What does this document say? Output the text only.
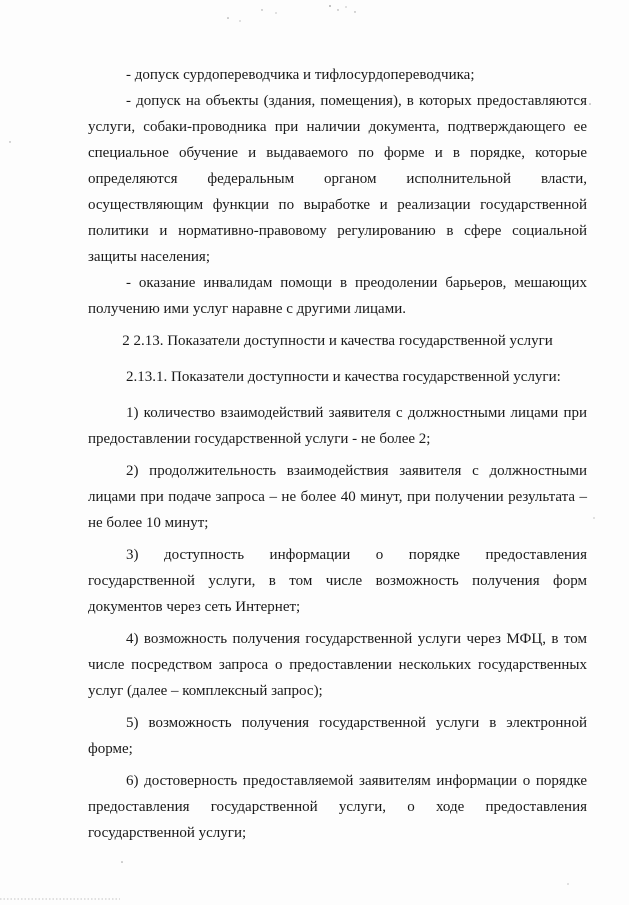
- допуск сурдопереводчика и тифлосурдопереводчика;

- допуск на объекты (здания, помещения), в которых предоставляются услуги, собаки-проводника при наличии документа, подтверждающего ее специальное обучение и выдаваемого по форме и в порядке, которые определяются федеральным органом исполнительной власти, осуществляющим функции по выработке и реализации государственной политики и нормативно-правовому регулированию в сфере социальной защиты населения;

- оказание инвалидам помощи в преодолении барьеров, мешающих получению ими услуг наравне с другими лицами.

2 2.13. Показатели доступности и качества государственной услуги

2.13.1. Показатели доступности и качества государственной услуги:

1) количество взаимодействий заявителя с должностными лицами при предоставлении государственной услуги - не более 2;

2) продолжительность взаимодействия заявителя с должностными лицами при подаче запроса – не более 40 минут, при получении результата – не более 10 минут;

3) доступность информации о порядке предоставления государственной услуги, в том числе возможность получения форм документов через сеть Интернет;

4) возможность получения государственной услуги через МФЦ, в том числе посредством запроса о предоставлении нескольких государственных услуг (далее – комплексный запрос);

5) возможность получения государственной услуги в электронной форме;

6) достоверность предоставляемой заявителям информации о порядке предоставления государственной услуги, о ходе предоставления государственной услуги;
